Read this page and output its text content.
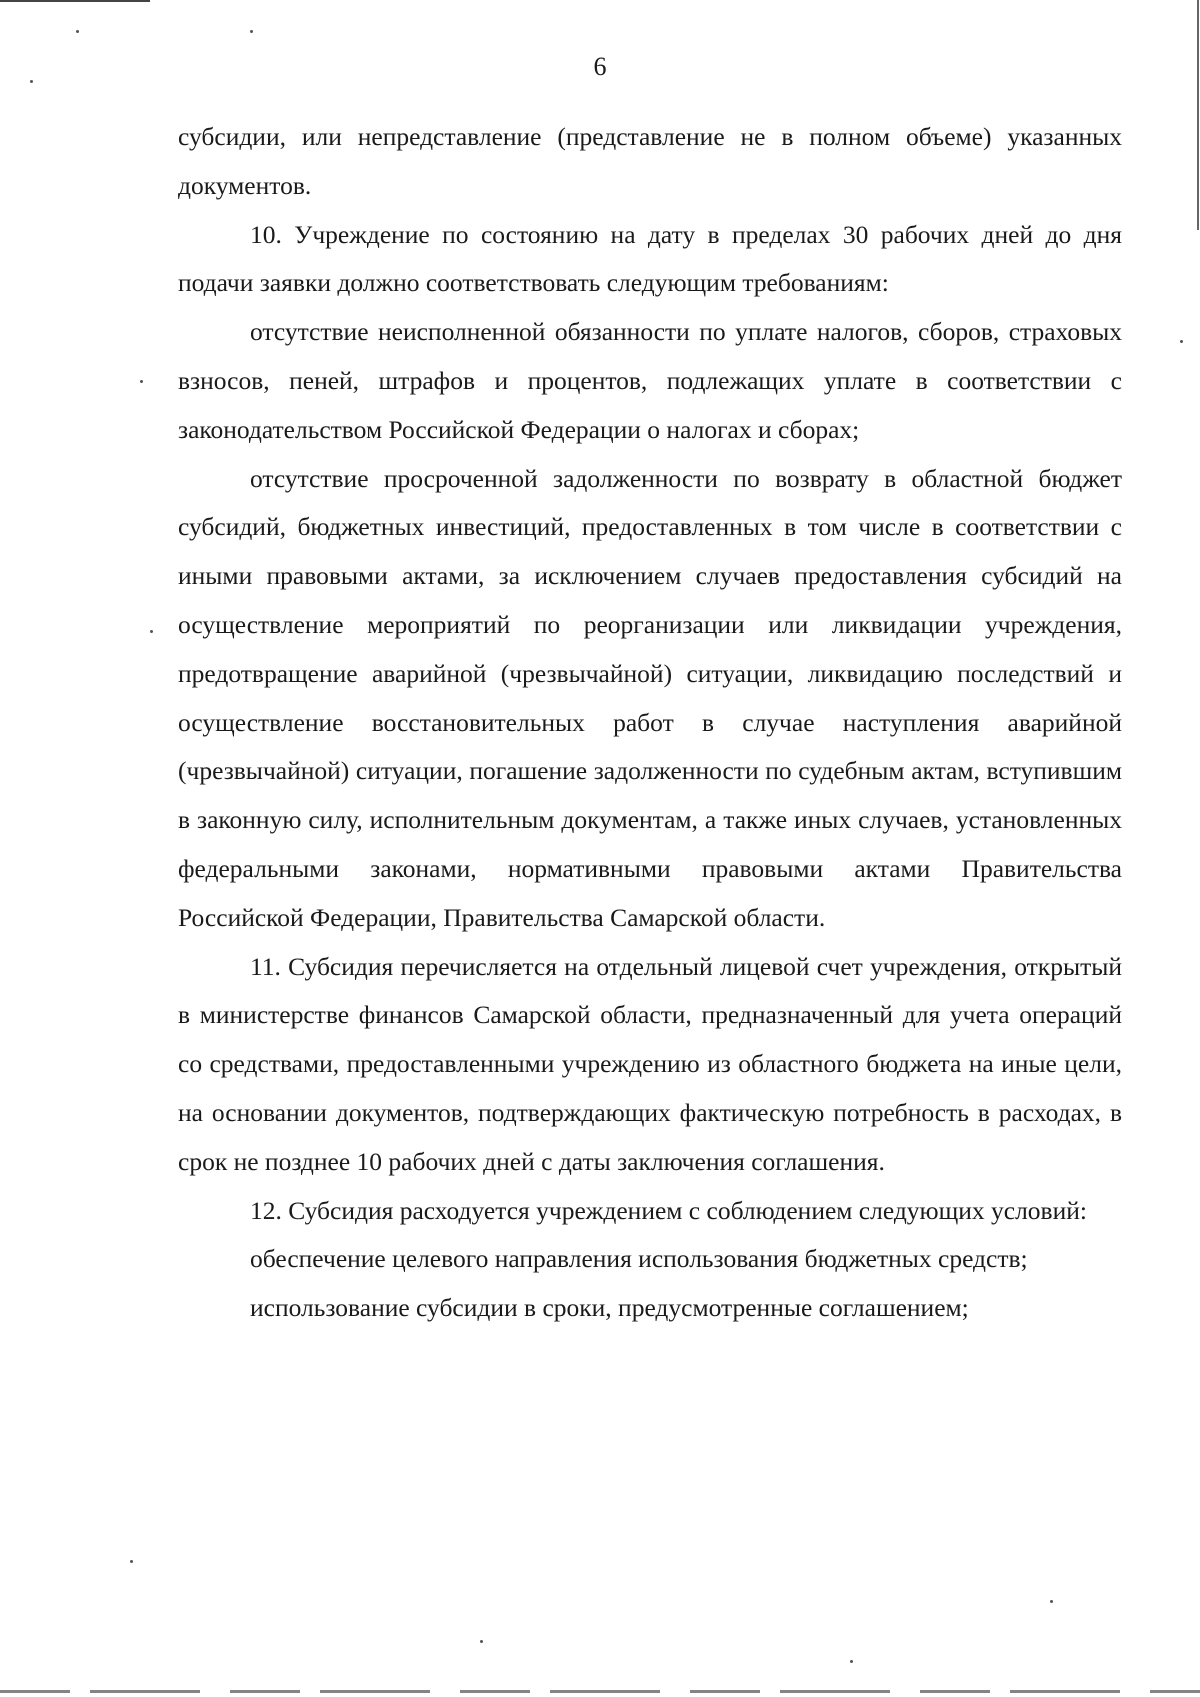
6

субсидии, или непредставление (представление не в полном объеме) указанных документов.

10. Учреждение по состоянию на дату в пределах 30 рабочих дней до дня подачи заявки должно соответствовать следующим требованиям:

отсутствие неисполненной обязанности по уплате налогов, сборов, страховых взносов, пеней, штрафов и процентов, подлежащих уплате в соответствии с законодательством Российской Федерации о налогах и сборах;

отсутствие просроченной задолженности по возврату в областной бюджет субсидий, бюджетных инвестиций, предоставленных в том числе в соответствии с иными правовыми актами, за исключением случаев предоставления субсидий на осуществление мероприятий по реорганизации или ликвидации учреждения, предотвращение аварийной (чрезвычайной) ситуации, ликвидацию последствий и осуществление восстановительных работ в случае наступления аварийной (чрезвычайной) ситуации, погашение задолженности по судебным актам, вступившим в законную силу, исполнительным документам, а также иных случаев, установленных федеральными законами, нормативными правовыми актами Правительства Российской Федерации, Правительства Самарской области.

11. Субсидия перечисляется на отдельный лицевой счет учреждения, открытый в министерстве финансов Самарской области, предназначенный для учета операций со средствами, предоставленными учреждению из областного бюджета на иные цели, на основании документов, подтверждающих фактическую потребность в расходах, в срок не позднее 10 рабочих дней с даты заключения соглашения.

12. Субсидия расходуется учреждением с соблюдением следующих условий:

обеспечение целевого направления использования бюджетных средств;

использование субсидии в сроки, предусмотренные соглашением;
